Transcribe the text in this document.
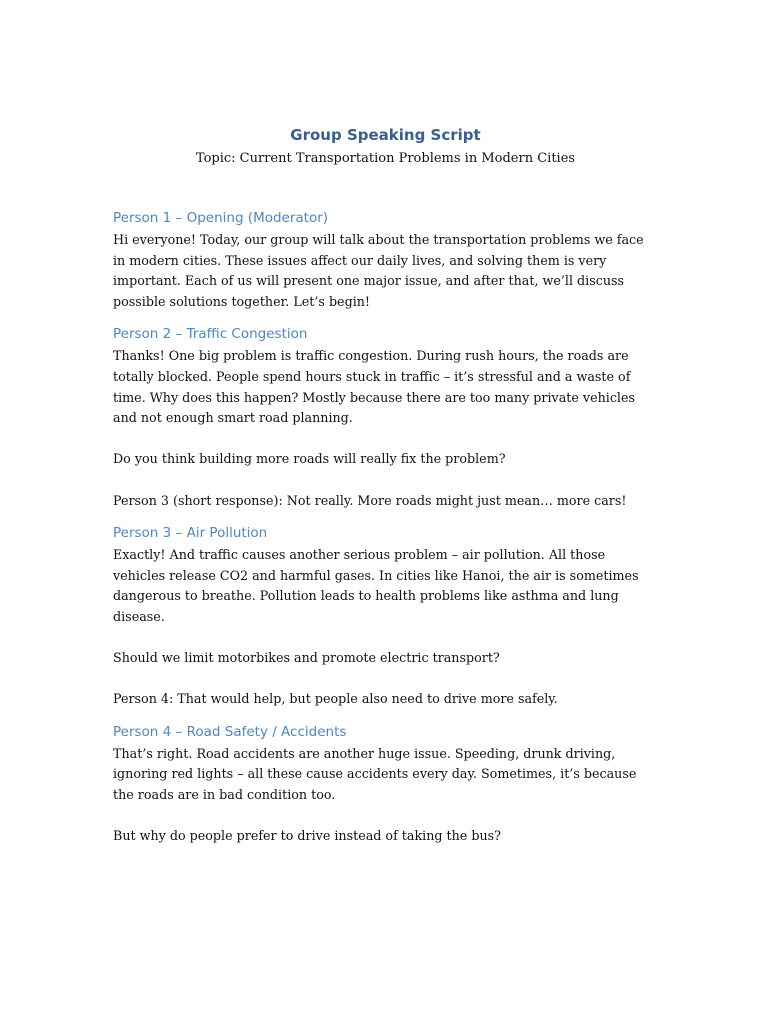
Group Speaking Script
Topic: Current Transportation Problems in Modern Cities
Person 1 – Opening (Moderator)

Hi everyone! Today, our group will talk about the transportation problems we face in modern cities. These issues affect our daily lives, and solving them is very important. Each of us will present one major issue, and after that, we’ll discuss possible solutions together. Let’s begin!

Person 2 – Traffic Congestion

Thanks! One big problem is traffic congestion. During rush hours, the roads are totally blocked. People spend hours stuck in traffic – it’s stressful and a waste of time. Why does this happen? Mostly because there are too many private vehicles and not enough smart road planning.

Do you think building more roads will really fix the problem?

Person 3 (short response): Not really. More roads might just mean… more cars!

Person 3 – Air Pollution

Exactly! And traffic causes another serious problem – air pollution. All those vehicles release CO2 and harmful gases. In cities like Hanoi, the air is sometimes dangerous to breathe. Pollution leads to health problems like asthma and lung disease.

Should we limit motorbikes and promote electric transport?

Person 4: That would help, but people also need to drive more safely.

Person 4 – Road Safety / Accidents

That’s right. Road accidents are another huge issue. Speeding, drunk driving, ignoring red lights – all these cause accidents every day. Sometimes, it’s because the roads are in bad condition too.

But why do people prefer to drive instead of taking the bus?
